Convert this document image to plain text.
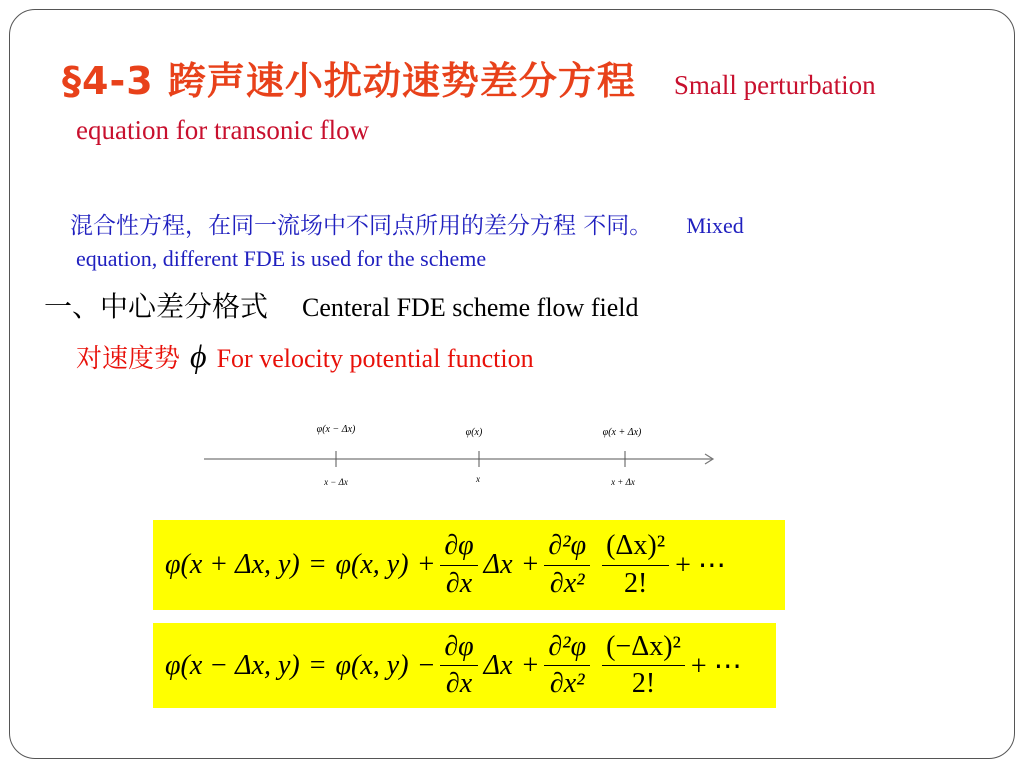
§4-3 跨声速小扰动速势差分方程 Small perturbation
equation for transonic flow
混合性方程，在同一流场中不同点所用的差分方程 不同。 Mixed
equation, different FDE is used for the scheme
一、中心差分格式 Centeral FDE scheme flow field
对速度势 ϕ For velocity potential function
φ(x − Δx)	φ(x)	φ(x + Δx)
x − Δx	x	x + Δx
φ(x + Δx, y) = φ(x, $y) + \frac{\partial\varphi}{\partial x}$ $\Delta x + \frac{\text{∂²φ}}{\text{∂x²}} \frac{\text{(Δx)²}}{2!}$ + ⋯
φ(x − Δx, y) = φ(x, $y) - \frac{\partial\varphi}{\partial x}$ $\Delta x + \frac{\text{∂²φ}}{\text{∂x²}} \frac{\text{(−Δx)²}}{2!}$ + ⋯
